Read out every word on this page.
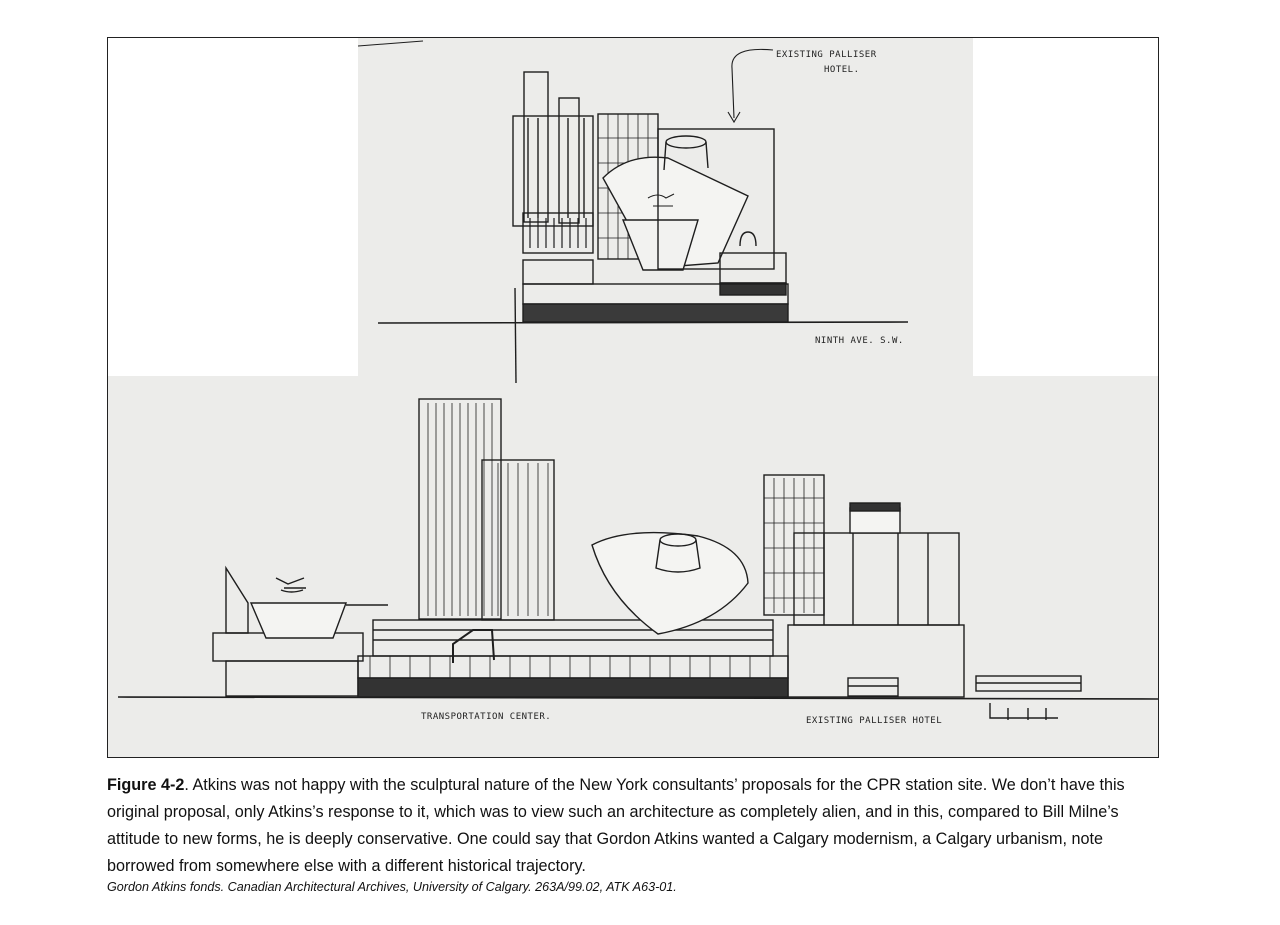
EXISTING PALLISER
HOTEL.
NINTH AVE. S.W.
TRANSPORTATION CENTER.	EXISTING PALLISER HOTEL
Figure 4-2. Atkins was not happy with the sculptural nature of the New York consultants’ proposals for the CPR station site. We don’t have this original proposal, only Atkins’s response to it, which was to view such an architecture as completely alien, and in this, compared to Bill Milne’s attitude to new forms, he is deeply conservative. One could say that Gordon Atkins wanted a Calgary modernism, a Calgary urbanism, note borrowed from somewhere else with a different historical trajectory.
Gordon Atkins fonds. Canadian Architectural Archives, University of Calgary. 263A/99.02, ATK A63-01.
